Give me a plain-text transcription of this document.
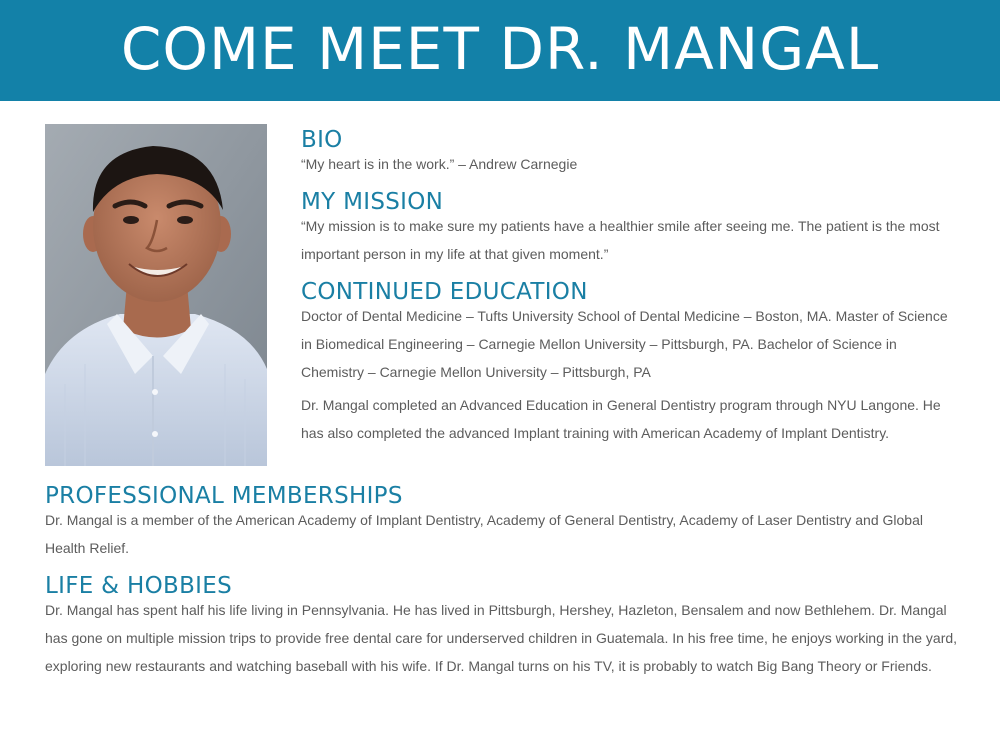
COME MEET DR. MANGAL
BIO

“My heart is in the work.” – Andrew Carnegie

MY MISSION

“My mission is to make sure my patients have a healthier smile after seeing me. The patient is the most important person in my life at that given moment.”

CONTINUED EDUCATION

Doctor of Dental Medicine – Tufts University School of Dental Medicine – Boston, MA. Master of Science in Biomedical Engineering – Carnegie Mellon University – Pittsburgh, PA. Bachelor of Science in Chemistry – Carnegie Mellon University – Pittsburgh, PA

Dr. Mangal completed an Advanced Education in General Dentistry program through NYU Langone. He has also completed the advanced Implant training with American Academy of Implant Dentistry.

PROFESSIONAL MEMBERSHIPS

Dr. Mangal is a member of the American Academy of Implant Dentistry, Academy of General Dentistry, Academy of Laser Dentistry and Global Health Relief.

LIFE & HOBBIES

Dr. Mangal has spent half his life living in Pennsylvania. He has lived in Pittsburgh, Hershey, Hazleton, Bensalem and now Bethlehem. Dr. Mangal has gone on multiple mission trips to provide free dental care for underserved children in Guatemala. In his free time, he enjoys working in the yard, exploring new restaurants and watching baseball with his wife. If Dr. Mangal turns on his TV, it is probably to watch Big Bang Theory or Friends.
